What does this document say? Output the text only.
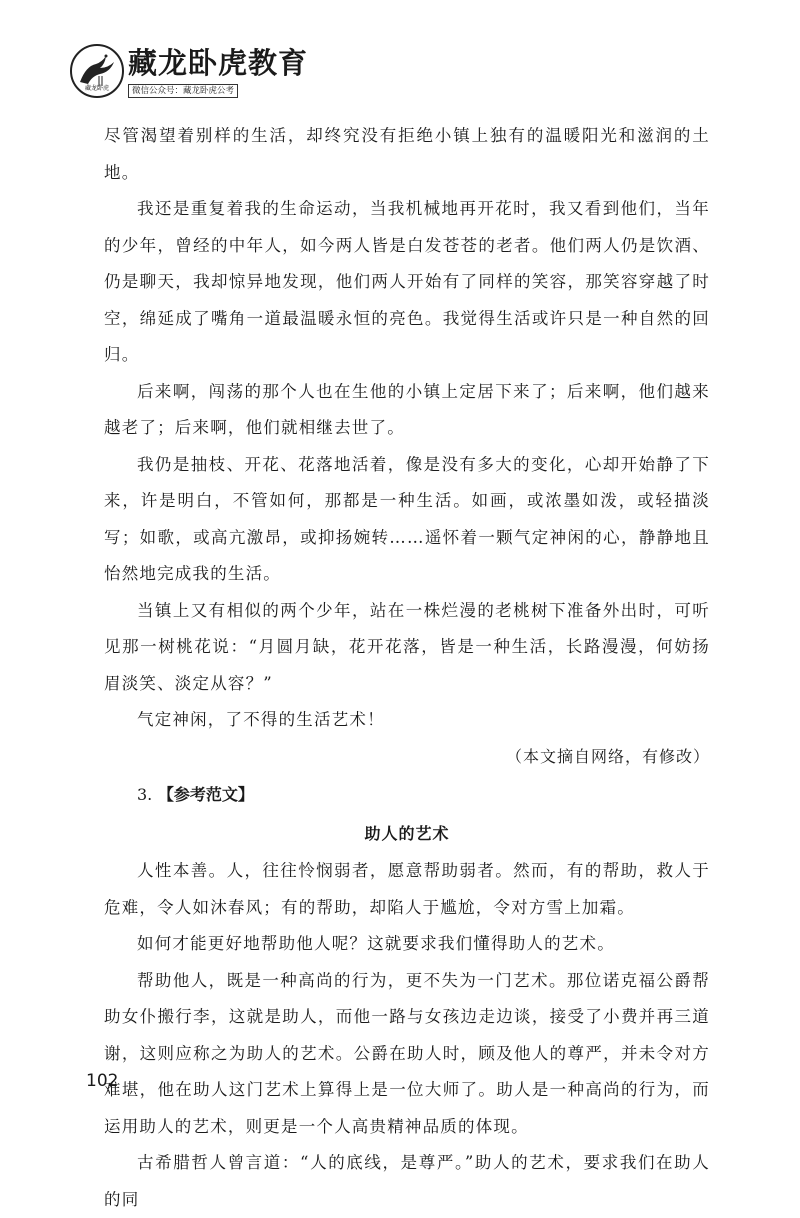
藏龙卧虎
藏龙卧虎教育
微信公众号：藏龙卧虎公考

尽管渴望着别样的生活，却终究没有拒绝小镇上独有的温暖阳光和滋润的土地。

我还是重复着我的生命运动，当我机械地再开花时，我又看到他们，当年的少年，曾经的中年人，如今两人皆是白发苍苍的老者。他们两人仍是饮酒、仍是聊天，我却惊异地发现，他们两人开始有了同样的笑容，那笑容穿越了时空，绵延成了嘴角一道最温暖永恒的亮色。我觉得生活或许只是一种自然的回归。

后来啊，闯荡的那个人也在生他的小镇上定居下来了；后来啊，他们越来越老了；后来啊，他们就相继去世了。

我仍是抽枝、开花、花落地活着，像是没有多大的变化，心却开始静了下来，许是明白，不管如何，那都是一种生活。如画，或浓墨如泼，或轻描淡写；如歌，或高亢激昂，或抑扬婉转……遥怀着一颗气定神闲的心，静静地且怡然地完成我的生活。

当镇上又有相似的两个少年，站在一株烂漫的老桃树下准备外出时，可听见那一树桃花说：“月圆月缺，花开花落，皆是一种生活，长路漫漫，何妨扬眉淡笑、淡定从容？”

气定神闲，了不得的生活艺术！

（本文摘自网络，有修改）

3. 【参考范文】

助人的艺术

人性本善。人，往往怜悯弱者，愿意帮助弱者。然而，有的帮助，救人于危难，令人如沐春风；有的帮助，却陷人于尴尬，令对方雪上加霜。

如何才能更好地帮助他人呢？这就要求我们懂得助人的艺术。

帮助他人，既是一种高尚的行为，更不失为一门艺术。那位诺克福公爵帮助女仆搬行李，这就是助人，而他一路与女孩边走边谈，接受了小费并再三道谢，这则应称之为助人的艺术。公爵在助人时，顾及他人的尊严，并未令对方难堪，他在助人这门艺术上算得上是一位大师了。助人是一种高尚的行为，而运用助人的艺术，则更是一个人高贵精神品质的体现。

古希腊哲人曾言道：“人的底线，是尊严。”助人的艺术，要求我们在助人的同

102
